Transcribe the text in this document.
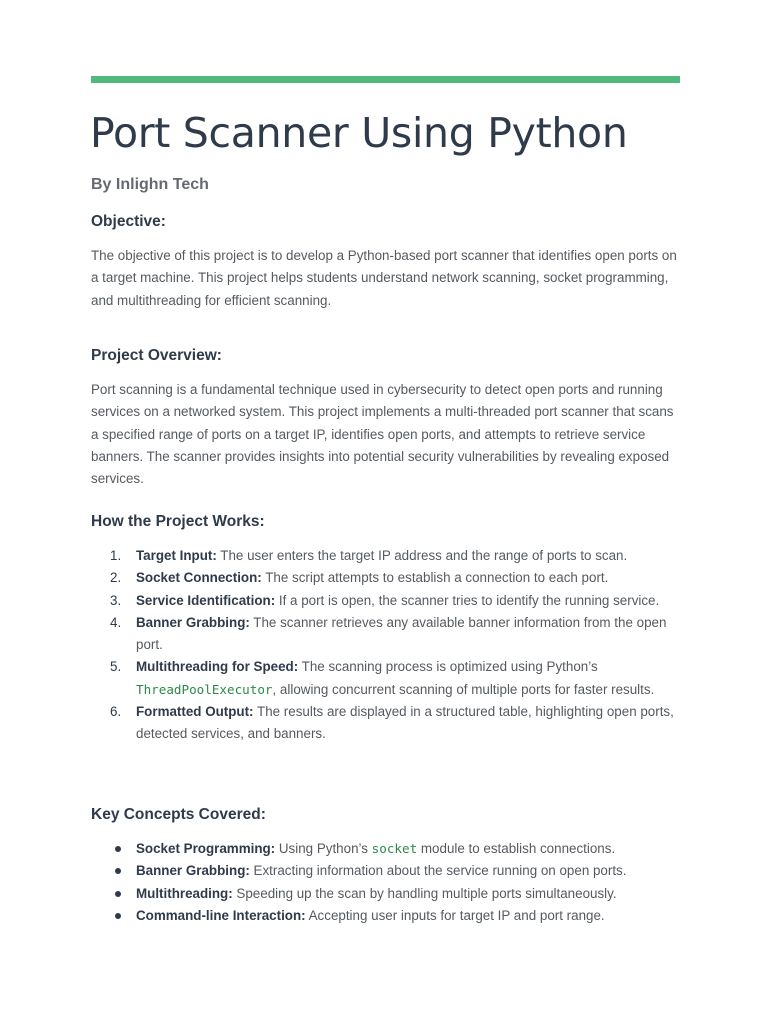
Port Scanner Using Python

By Inlighn Tech

Objective:

The objective of this project is to develop a Python-based port scanner that identifies open ports on a target machine. This project helps students understand network scanning, socket programming, and multithreading for efficient scanning.

Project Overview:

Port scanning is a fundamental technique used in cybersecurity to detect open ports and running services on a networked system. This project implements a multi-threaded port scanner that scans a specified range of ports on a target IP, identifies open ports, and attempts to retrieve service banners. The scanner provides insights into potential security vulnerabilities by revealing exposed services.

How the Project Works:
1.	Target Input: The user enters the target IP address and the range of ports to scan.
2.	Socket Connection: The script attempts to establish a connection to each port.
3.	Service Identification: If a port is open, the scanner tries to identify the running service.
4.	Banner Grabbing: The scanner retrieves any available banner information from the open port.
5.	Multithreading for Speed: The scanning process is optimized using Python’s ThreadPoolExecutor, allowing concurrent scanning of multiple ports for faster results.
6.	Formatted Output: The results are displayed in a structured table, highlighting open ports, detected services, and banners.
Key Concepts Covered:
Socket Programming: Using Python’s socket module to establish connections.
Banner Grabbing: Extracting information about the service running on open ports.
Multithreading: Speeding up the scan by handling multiple ports simultaneously.
Command-line Interaction: Accepting user inputs for target IP and port range.
